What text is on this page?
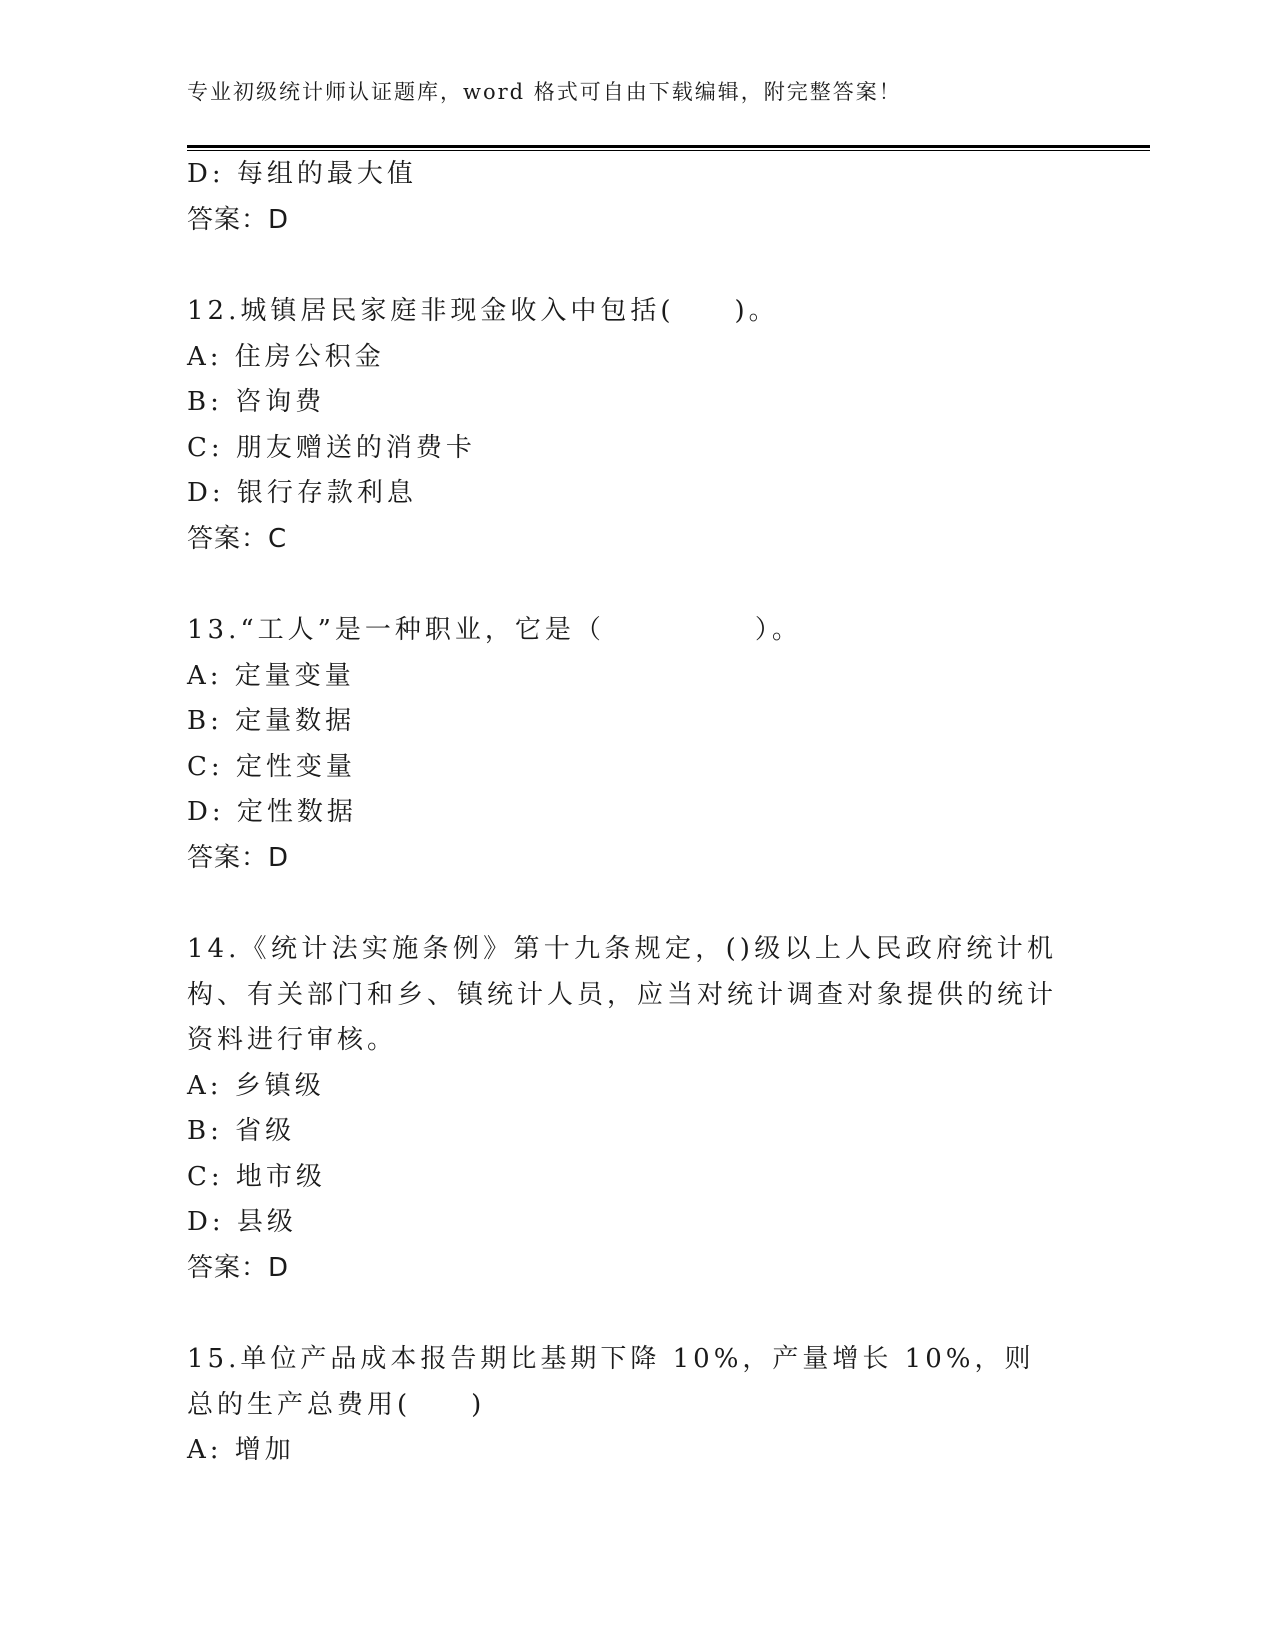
专业初级统计师认证题库，word 格式可自由下载编辑，附完整答案！
D: 每组的最大值
答案：D
12.城镇居民家庭非现金收入中包括(　　)。
A: 住房公积金
B: 咨询费
C: 朋友赠送的消费卡
D: 银行存款利息
答案：C
13.“工人”是一种职业，它是（　　　　　）。
A: 定量变量
B: 定量数据
C: 定性变量
D: 定性数据
答案：D
14.《统计法实施条例》第十九条规定，()级以上人民政府统计机构、有关部门和乡、镇统计人员，应当对统计调查对象提供的统计资料进行审核。
A: 乡镇级
B: 省级
C: 地市级
D: 县级
答案：D
15.单位产品成本报告期比基期下降 10%，产量增长 10%，则总的生产总费用(　　)
A: 增加
